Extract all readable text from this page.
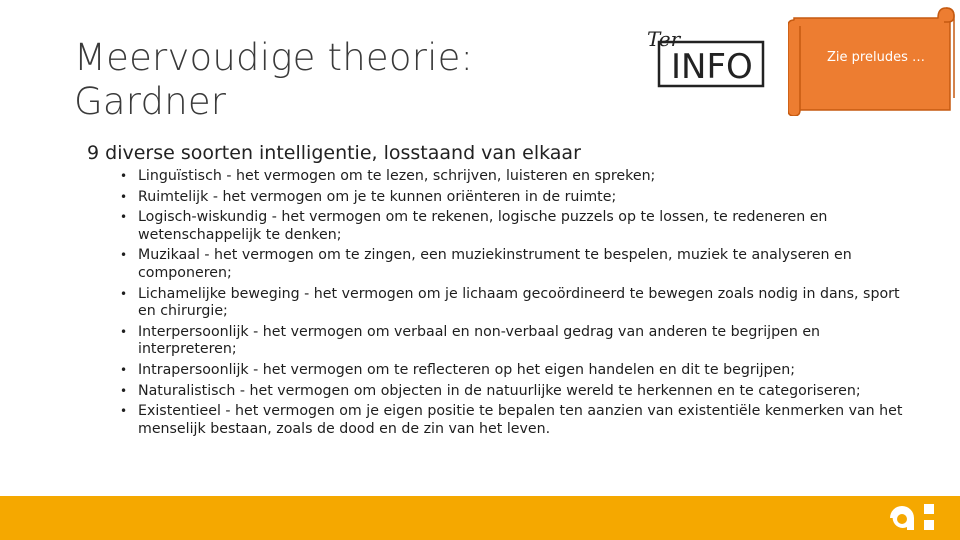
Meervoudige theorie:
Gardner
Ter
INFO	Zie preludes …
9 diverse soorten intelligentie, losstaand van elkaar
• Linguïstisch - het vermogen om te lezen, schrijven, luisteren en spreken;
• Ruimtelijk - het vermogen om je te kunnen oriënteren in de ruimte;
• Logisch-wiskundig - het vermogen om te rekenen, logische puzzels op te lossen, te redeneren en wetenschappelijk te denken;
• Muzikaal - het vermogen om te zingen, een muziekinstrument te bespelen, muziek te analyseren en componeren;
• Lichamelijke beweging - het vermogen om je lichaam gecoördineerd te bewegen zoals nodig in dans, sport en chirurgie;
• Interpersoonlijk - het vermogen om verbaal en non-verbaal gedrag van anderen te begrijpen en interpreteren;
• Intrapersoonlijk - het vermogen om te reflecteren op het eigen handelen en dit te begrijpen;
• Naturalistisch - het vermogen om objecten in de natuurlijke wereld te herkennen en te categoriseren;
• Existentieel - het vermogen om je eigen positie te bepalen ten aanzien van existentiële kenmerken van het menselijk bestaan, zoals de dood en de zin van het leven.
